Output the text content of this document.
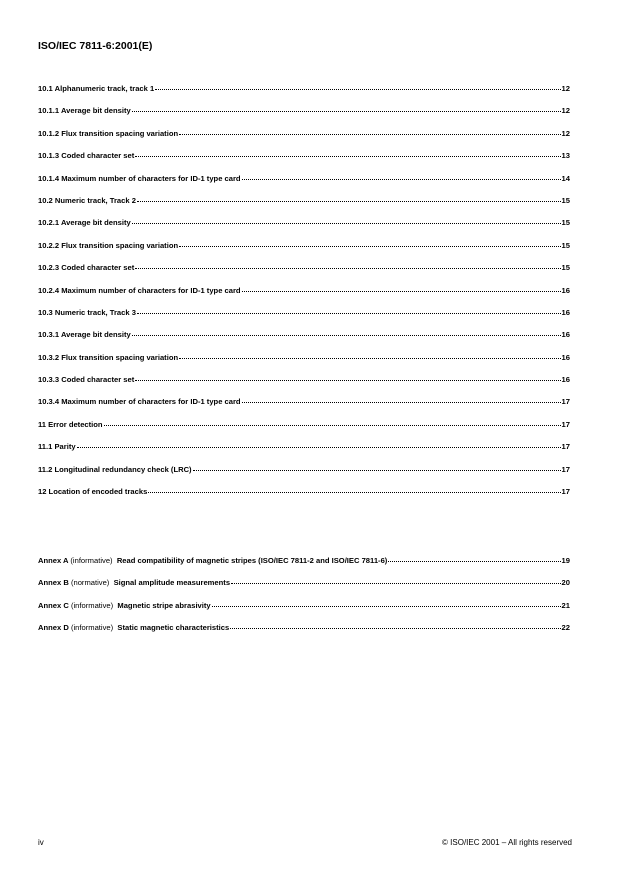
ISO/IEC 7811-6:2001(E)
10.1 Alphanumeric track, track 1	12
10.1.1 Average bit density	12
10.1.2 Flux transition spacing variation	12
10.1.3 Coded character set	13
10.1.4 Maximum number of characters for ID-1 type card	14
10.2 Numeric track, Track 2	15
10.2.1 Average bit density	15
10.2.2 Flux transition spacing variation	15
10.2.3 Coded character set	15
10.2.4 Maximum number of characters for ID-1 type card	16
10.3 Numeric track, Track 3	16
10.3.1 Average bit density	16
10.3.2 Flux transition spacing variation	16
10.3.3 Coded character set	16
10.3.4 Maximum number of characters for ID-1 type card	17
11 Error detection	17
11.1 Parity	17
11.2 Longitudinal redundancy check (LRC)	17
12 Location of encoded tracks	17
Annex A (informative) Read compatibility of magnetic stripes (ISO/IEC 7811-2 and ISO/IEC 7811-6)	19
Annex B (normative) Signal amplitude measurements	20
Annex C (informative) Magnetic stripe abrasivity	21
Annex D (informative) Static magnetic characteristics	22
iv	© ISO/IEC 2001 – All rights reserved
